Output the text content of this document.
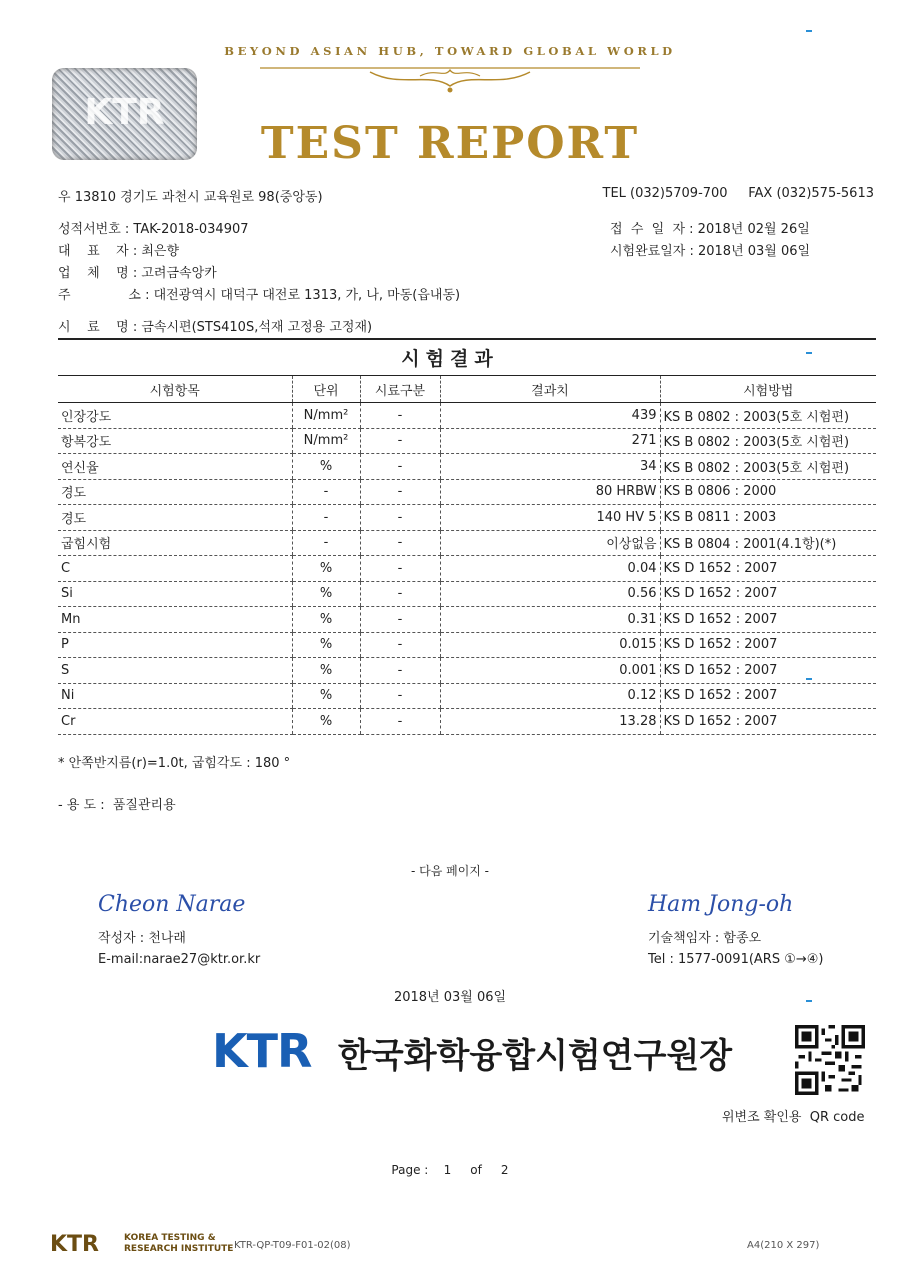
BEYOND ASIAN HUB, TOWARD GLOBAL WORLD
KTR
TEST REPORT
우 13810 경기도 과천시 교육원로 98(중앙동)	TEL (032)5709-700     FAX (032)575-5613
성적서번호 : TAK-2018-034907
대    표    자 : 최은향
업    체    명 : 고려금속앙카
주              소 : 대전광역시 대덕구 대전로 1313, 가, 나, 마동(읍내동)
시    료    명 : 금속시편(STS410S,석재 고정용 고정재)
접  수  일  자 : 2018년 02월 26일
시험완료일자 : 2018년 03월 06일
시험결과
시험항목	단위	시료구분	결과치	시험방법
인장강도	N/mm²	-	439	KS B 0802 : 2003(5호 시험편)
항복강도	N/mm²	-	271	KS B 0802 : 2003(5호 시험편)
연신율	%	-	34	KS B 0802 : 2003(5호 시험편)
경도	-	-	80 HRBW	KS B 0806 : 2000
경도	-	-	140 HV 5	KS B 0811 : 2003
굽힘시험	-	-	이상없음	KS B 0804 : 2001(4.1항)(*)
C	%	-	0.04	KS D 1652 : 2007
Si	%	-	0.56	KS D 1652 : 2007
Mn	%	-	0.31	KS D 1652 : 2007
P	%	-	0.015	KS D 1652 : 2007
S	%	-	0.001	KS D 1652 : 2007
Ni	%	-	0.12	KS D 1652 : 2007
Cr	%	-	13.28	KS D 1652 : 2007
* 안쪽반지름(r)=1.0t, 굽힘각도 : 180 °
- 용 도 :  품질관리용
- 다음 페이지 -
Cheon Narae
작성자 : 천나래
E-mail:narae27@ktr.or.kr
Ham Jong-oh
기술책임자 : 함종오
Tel : 1577-0091(ARS ①→④)
2018년 03월 06일
KTR 한국화학융합시험연구원장
위변조 확인용  QR code
Page :    1     of     2
KTR	KOREA TESTING &
RESEARCH INSTITUTE KTR-QP-T09-F01-02(08)	A4(210 X 297)
